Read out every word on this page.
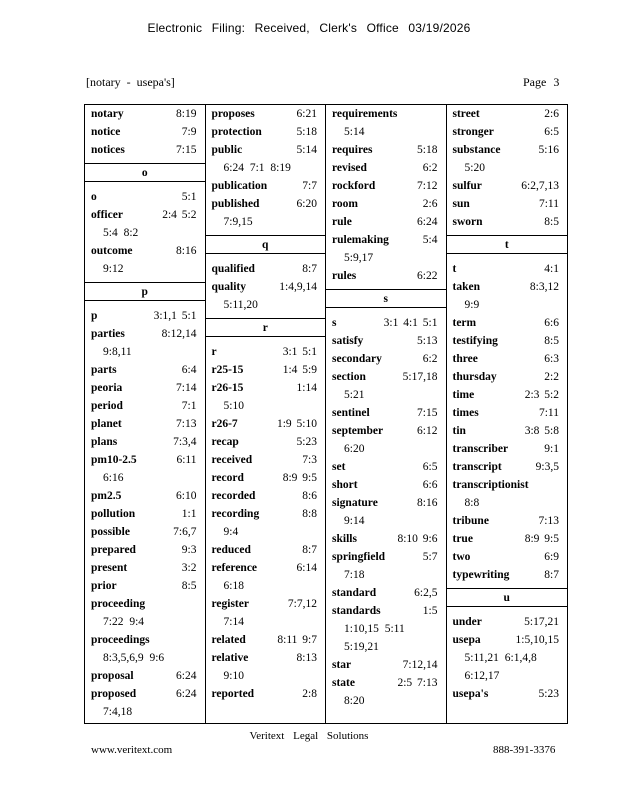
Electronic Filing: Received, Clerk's Office 03/19/2026
[notary - usepa's]	Page 3
notary	8:19
notice	7:9
notices	7:15
o
o	5:1
officer	2:4 5:2
5:4 8:2
outcome	8:16
9:12
p
p	3:1,1 5:1
parties	8:12,14
9:8,11
parts	6:4
peoria	7:14
period	7:1
planet	7:13
plans	7:3,4
pm10-2.5	6:11
6:16
pm2.5	6:10
pollution	1:1
possible	7:6,7
prepared	9:3
present	3:2
prior	8:5
proceeding
7:22 9:4
proceedings
8:3,5,6,9 9:6
proposal	6:24
proposed	6:24
7:4,18
proposes	6:21
protection	5:18
public	5:14
6:24 7:1 8:19
publication	7:7
published	6:20
7:9,15
q
qualified	8:7
quality	1:4,9,14
5:11,20
r
r	3:1 5:1
r25-15	1:4 5:9
r26-15	1:14
5:10
r26-7	1:9 5:10
recap	5:23
received	7:3
record	8:9 9:5
recorded	8:6
recording	8:8
9:4
reduced	8:7
reference	6:14
6:18
register	7:7,12
7:14
related	8:11 9:7
relative	8:13
9:10
reported	2:8
requirements
5:14
requires	5:18
revised	6:2
rockford	7:12
room	2:6
rule	6:24
rulemaking	5:4
5:9,17
rules	6:22
s
s	3:1 4:1 5:1
satisfy	5:13
secondary	6:2
section	5:17,18
5:21
sentinel	7:15
september	6:12
6:20
set	6:5
short	6:6
signature	8:16
9:14
skills	8:10 9:6
springfield	5:7
7:18
standard	6:2,5
standards	1:5
1:10,15 5:11
5:19,21
star	7:12,14
state	2:5 7:13
8:20
street	2:6
stronger	6:5
substance	5:16
5:20
sulfur	6:2,7,13
sun	7:11
sworn	8:5
t
t	4:1
taken	8:3,12
9:9
term	6:6
testifying	8:5
three	6:3
thursday	2:2
time	2:3 5:2
times	7:11
tin	3:8 5:8
transcriber	9:1
transcript	9:3,5
transcriptionist
8:8
tribune	7:13
true	8:9 9:5
two	6:9
typewriting	8:7
u
under	5:17,21
usepa	1:5,10,15
5:11,21 6:1,4,8
6:12,17
usepa's	5:23
Veritext Legal Solutions
www.veritext.com	888-391-3376
